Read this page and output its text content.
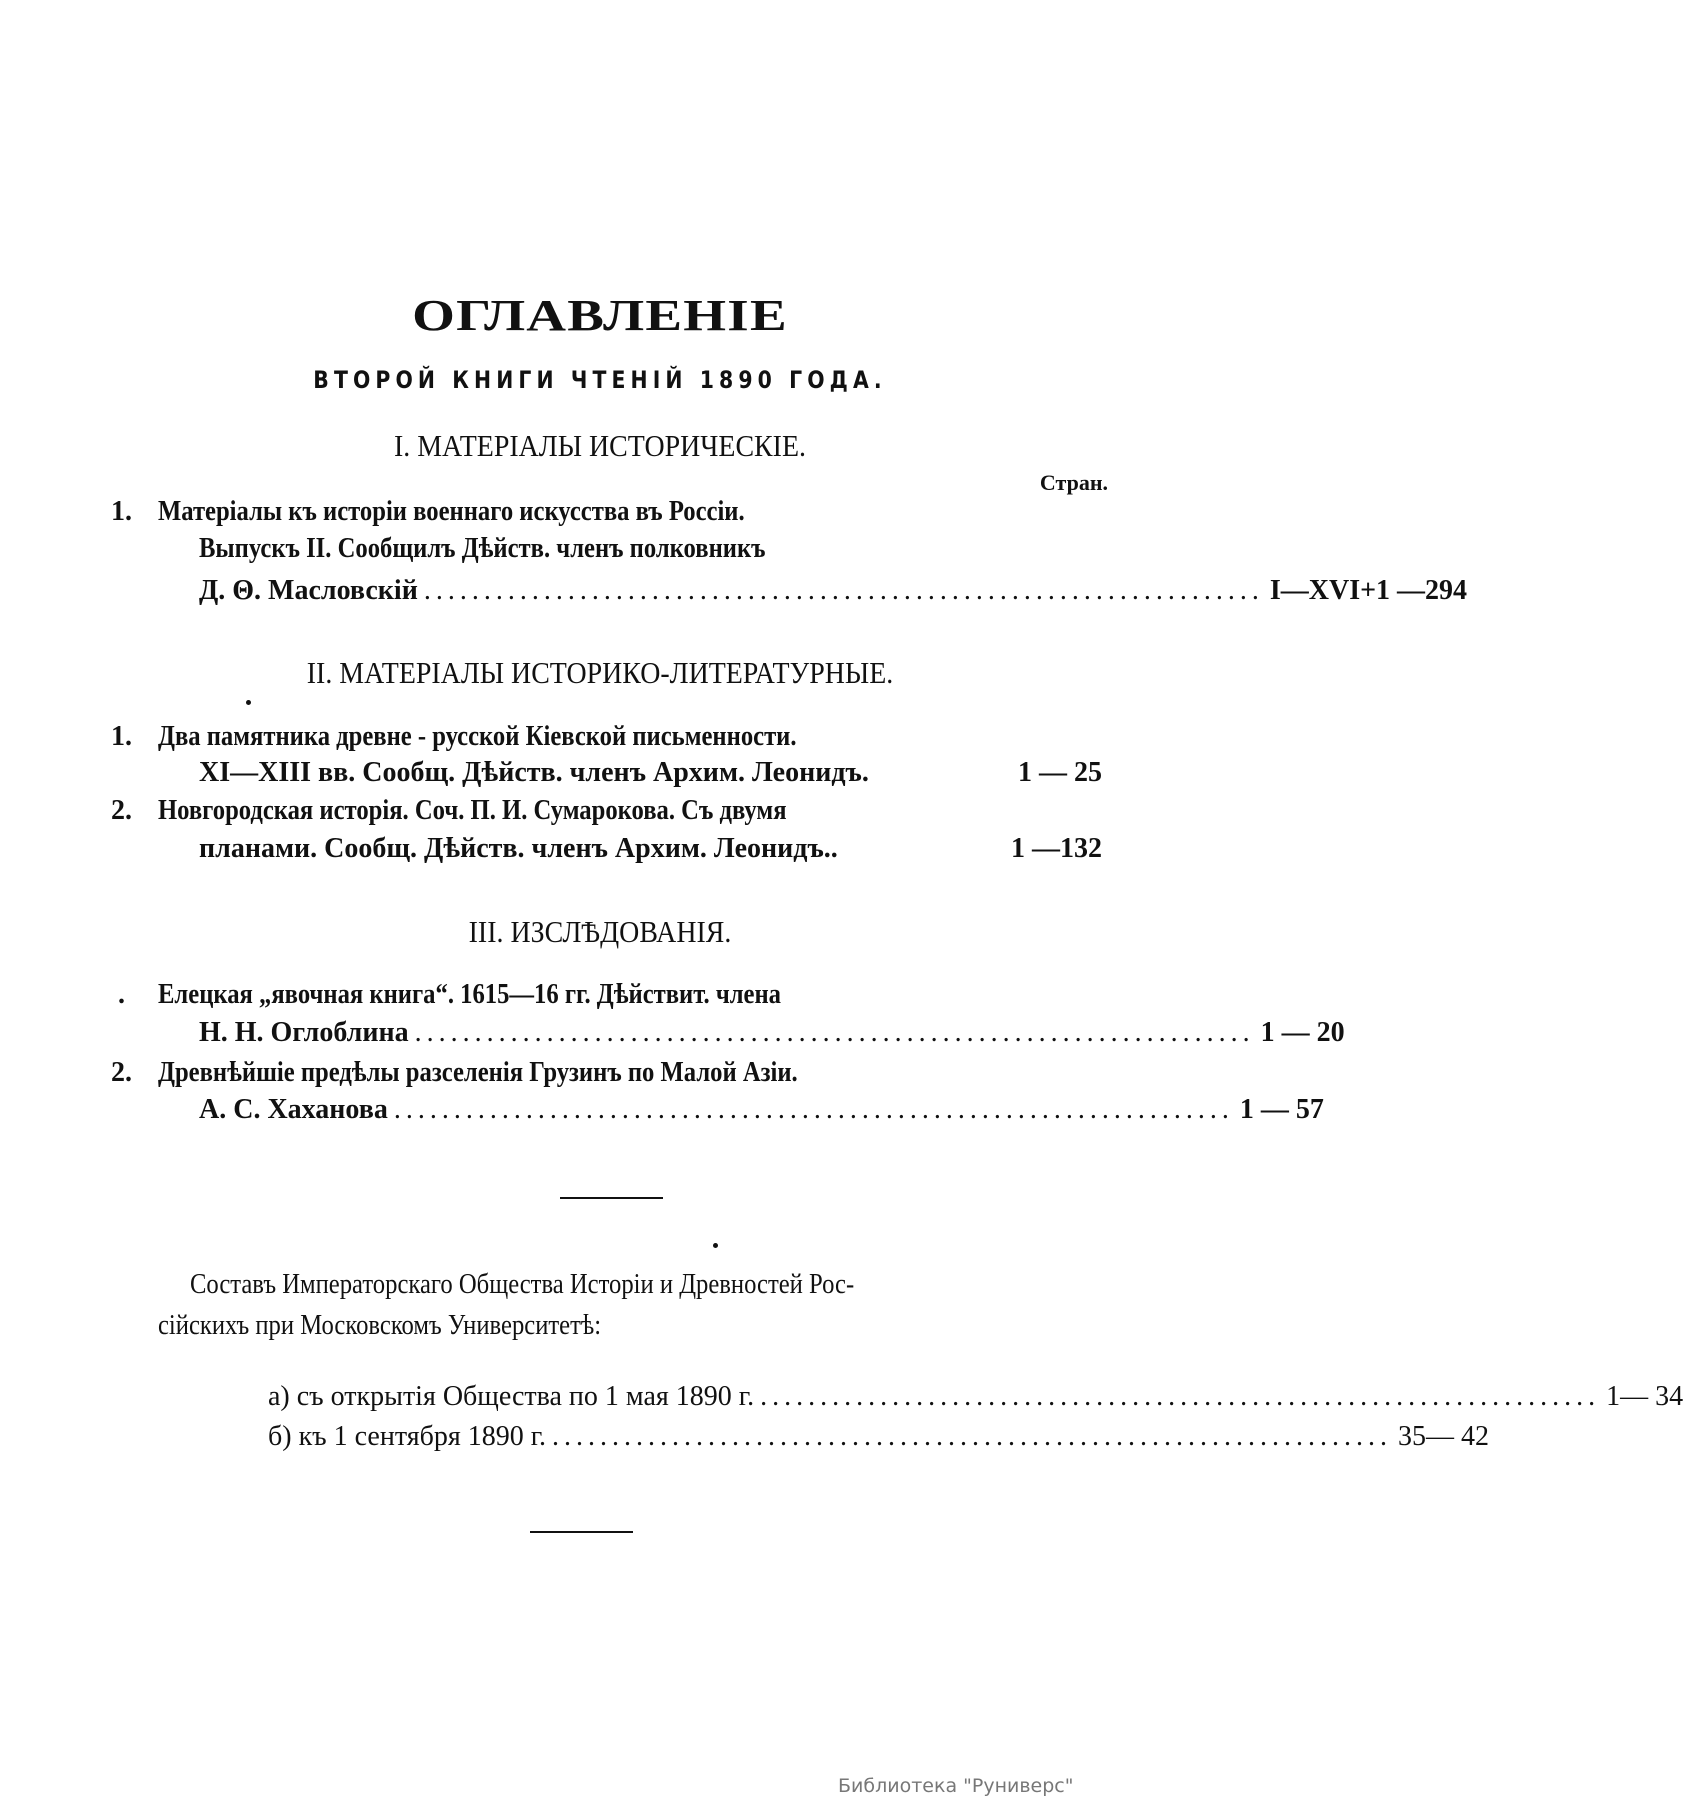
ОГЛАВЛЕНІЕ
ВТОРОЙ КНИГИ ЧТЕНІЙ 1890 ГОДА.
I. МАТЕРІАЛЫ ИСТОРИЧЕСКІЕ.
Стран.
1. Матеріалы къ исторіи военнаго искусства въ Россіи.
Выпускъ II. Сообщилъ Дѣйств. членъ полковникъ
Д. Θ. Масловскій ...................................................................... I—XVI+1 —294
II. МАТЕРІАЛЫ ИСТОРИКО-ЛИТЕРАТУРНЫЕ.
1. Два памятника древне - русской Кіевской письменности.
XI—XIII вв. Сообщ. Дѣйств. членъ Архим. Леонидъ.	1 — 25
2. Новгородская исторія. Соч. П. И. Сумарокова. Съ двумя
планами. Сообщ. Дѣйств. членъ Архим. Леонидъ..	1 —132
III. ИЗСЛѢДОВАНІЯ.
. Елецкая „явочная книга“. 1615—16 гг. Дѣйствит. члена
Н. Н. Оглоблина ...................................................................... 1 — 20
2. Древнѣйшіе предѣлы разселенія Грузинъ по Малой Азіи.
А. С. Хаханова ...................................................................... 1 — 57
Составъ Императорскаго Общества Исторіи и Древностей Рос-
сійскихъ при Московскомъ Университетѣ:
а) съ открытія Общества по 1 мая 1890 г. ...................................................................... 1— 34
б) къ 1 сентября 1890 г. ...................................................................... 35— 42
Библиотека "Руниверс"
